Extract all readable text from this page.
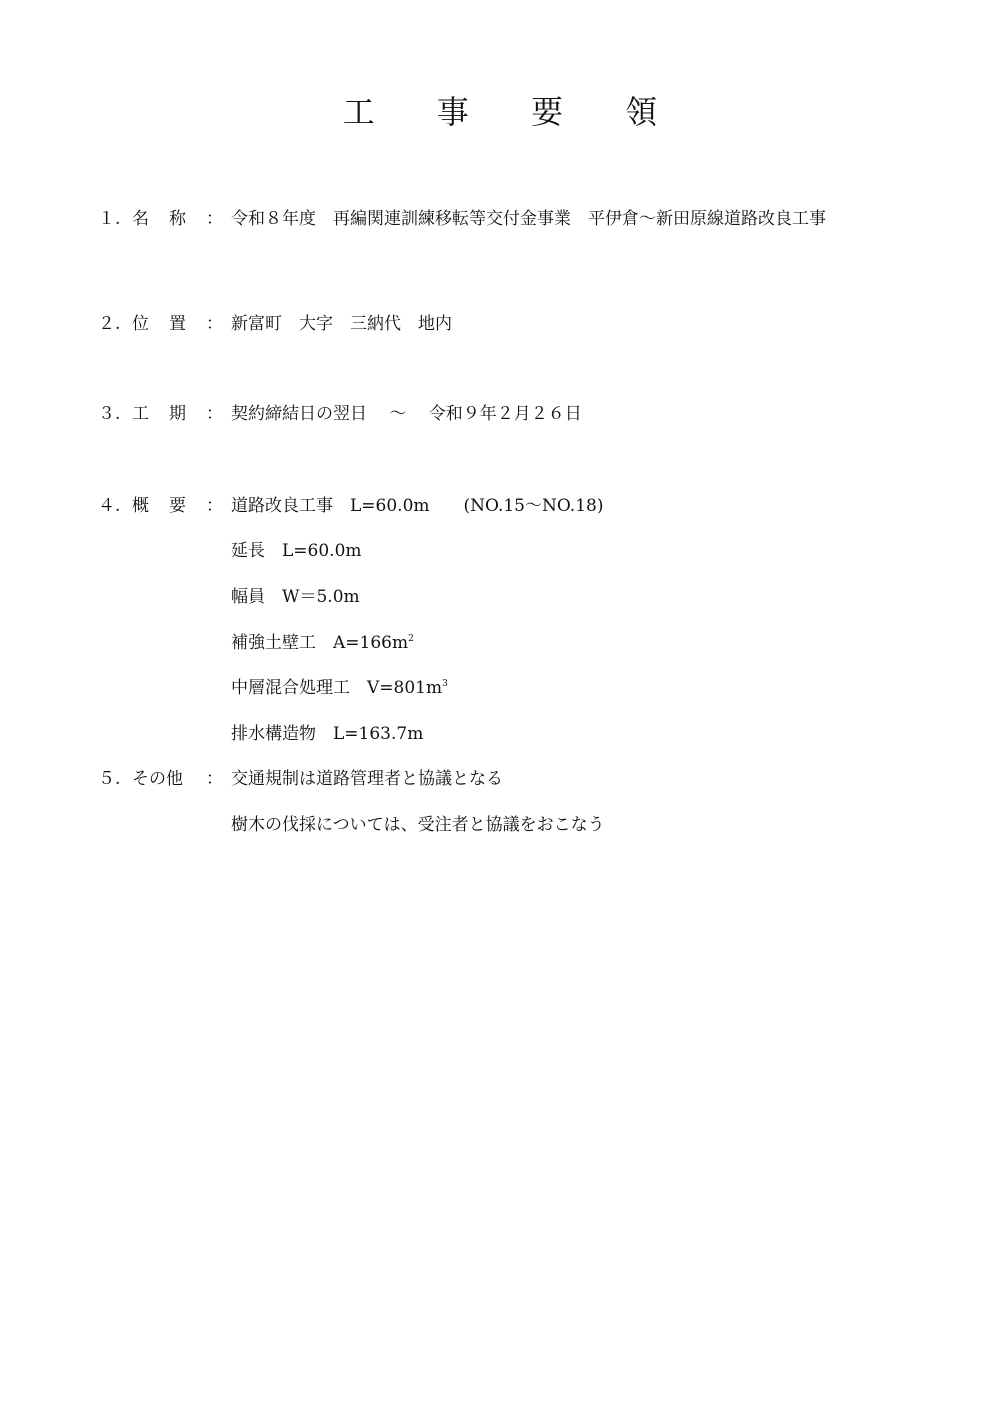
工 事 要 領
１. 名称 ： 令和８年度　再編関連訓練移転等交付金事業　平伊倉～新田原線道路改良工事
２. 位置 ： 新富町　大字　三納代　地内
３. 工期 ： 契約締結日の翌日　 ～　 令和９年２月２６日
４. 概要 ： 道路改良工事　L=60.0m　　(NO.15～NO.18)
延長　L=60.0m
幅員　W＝5.0m
補強土壁工　$A=166m^2$
中層混合処理工　$V=801m^3$
排水構造物　L=163.7m
５. その他 ： 交通規制は道路管理者と協議となる
樹木の伐採については、受注者と協議をおこなう
